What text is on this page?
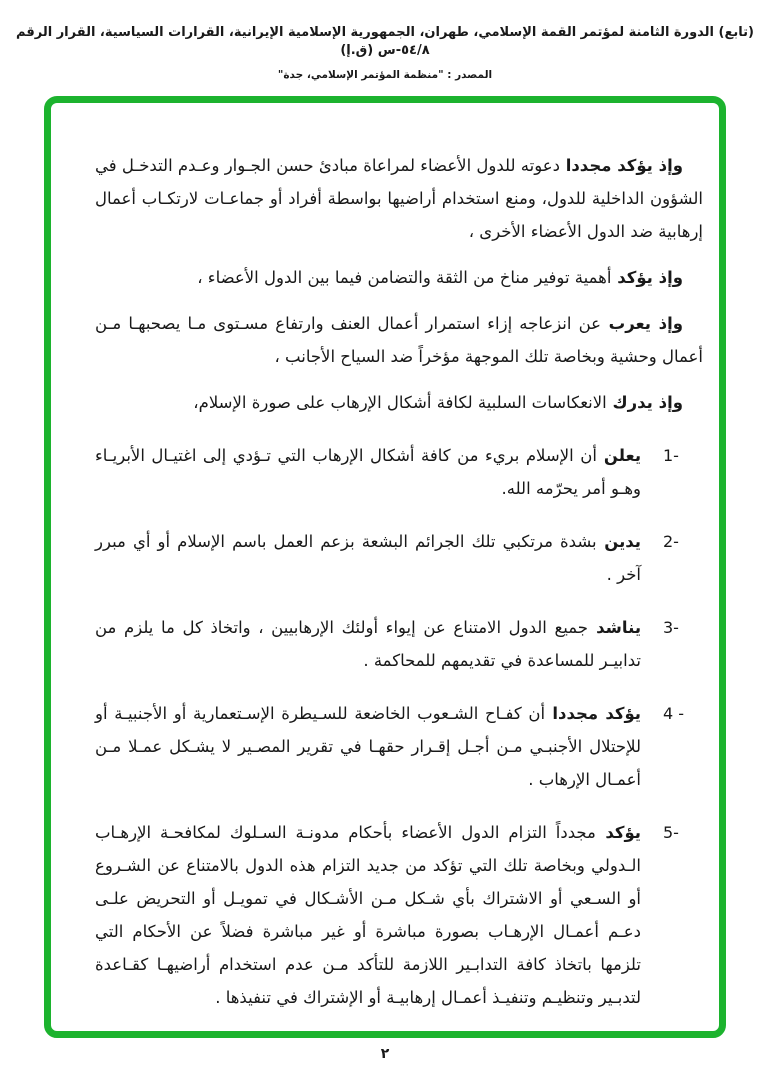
(تابع) الدورة الثامنة لمؤتمر القمة الإسلامي، طهران، الجمهورية الإسلامية الإيرانية، القرارات السياسية، القرار الرقم ٥٤/٨-س (ق.إ)
المصدر : "منظمة المؤتمر الإسلامي، جدة"

وإذ يؤكد مجددادعوته للدول الأعضاء لمراعاة مبادئ حسن الجـوار وعـدم التدخـل في الشؤون الداخلية للدول، ومنع استخدام أراضيها بواسطة أفراد أو جماعـات لارتكـاب أعمال إرهابية ضد الدول الأعضاء الأخرى ،

وإذ يؤكدأهمية توفير مناخ من الثقة والتضامن فيما بين الدول الأعضاء ،

وإذ يعربعن انزعاجه إزاء استمرار أعمال العنف وارتفاع مسـتوى مـا يصحبهـا مـن أعمال وحشية وبخاصة تلك الموجهة مؤخراً ضد السياح الأجانب ،

وإذ يدركالانعكاسات السلبية لكافة أشكال الإرهاب على صورة الإسلام،

1-

يعلنأن الإسلام بريء من كافة أشكال الإرهاب التي تـؤدي إلى اغتيـال الأبريـاء وهـو أمر يحرّمه الله.

2-

يدينبشدة مرتكبي تلك الجرائم البشعة بزعم العمل باسم الإسلام أو أي مبرر آخر .

3-

يناشدجميع الدول الامتناع عن إيواء أولئك الإرهابيين ، واتخاذ كل ما يلزم من تدابيـر للمساعدة في تقديمهم للمحاكمة .

4 -

يؤكد مجدداأن كفـاح الشـعوب الخاضعة للسـيطرة الإسـتعمارية أو الأجنبيـة أو للإحتلال الأجنبـي مـن أجـل إقـرار حقهـا في تقرير المصـير لا يشـكل عمـلا مـن أعمـال الإرهاب .

5-

يؤكدمجدداً التزام الدول الأعضاء بأحكام مدونـة السـلوك لمكافحـة الإرهـاب الـدولي وبخاصة تلك التي تؤكد من جديد التزام هذه الدول بالامتناع عن الشـروع أو السـعي أو الاشتراك بأي شـكل مـن الأشـكال في تمويـل أو التحريض علـى دعـم أعمـال الإرهـاب بصورة مباشرة أو غير مباشرة فضلاً عن الأحكام التي تلزمها باتخاذ كافة التدابـير اللازمة للتأكد مـن عدم استخدام أراضيهـا كقـاعدة لتدبـير وتنظيـم وتنفيـذ أعمـال إرهابيـة أو الإشتراك في تنفيذها .

٢
